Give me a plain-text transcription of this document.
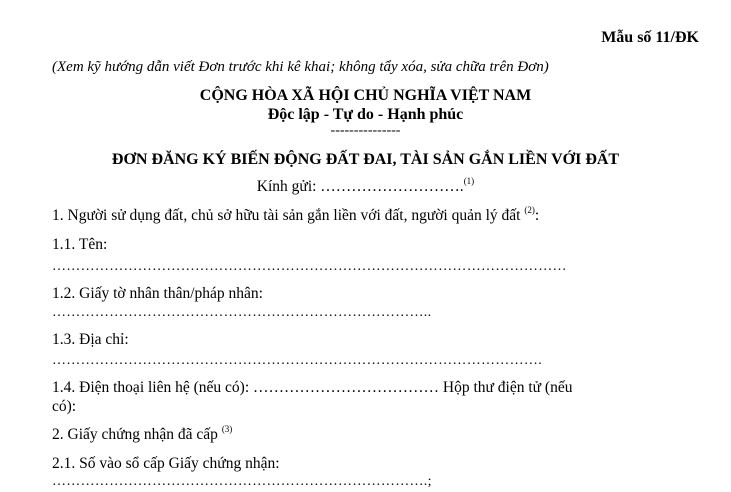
Mẫu số 11/ĐK
(Xem kỹ hướng dẫn viết Đơn trước khi kê khai; không tẩy xóa, sửa chữa trên Đơn)
CỘNG HÒA XÃ HỘI CHỦ NGHĨA VIỆT NAM
Độc lập - Tự do - Hạnh phúc
---------------
ĐƠN ĐĂNG KÝ BIẾN ĐỘNG ĐẤT ĐAI, TÀI SẢN GẮN LIỀN VỚI ĐẤT
Kính gửi: ……………………….$^{(1)}$
1. Người sử dụng đất, chủ sở hữu tài sản gắn liền với đất, người quản lý đất $^{(2)}$:
1.1. Tên:
………………………………………………………………………………………………
1.2. Giấy tờ nhân thân/pháp nhân:
……………………………………………………………………..
1.3. Địa chỉ:
………………………………………………………………………………………….
1.4. Điện thoại liên hệ (nếu có): ……………………………… Hộp thư điện tử (nếu
có):
2. Giấy chứng nhận đã cấp $^{(3)}$
2.1. Số vào sổ cấp Giấy chứng nhận:
…………………………………………………………………….;
